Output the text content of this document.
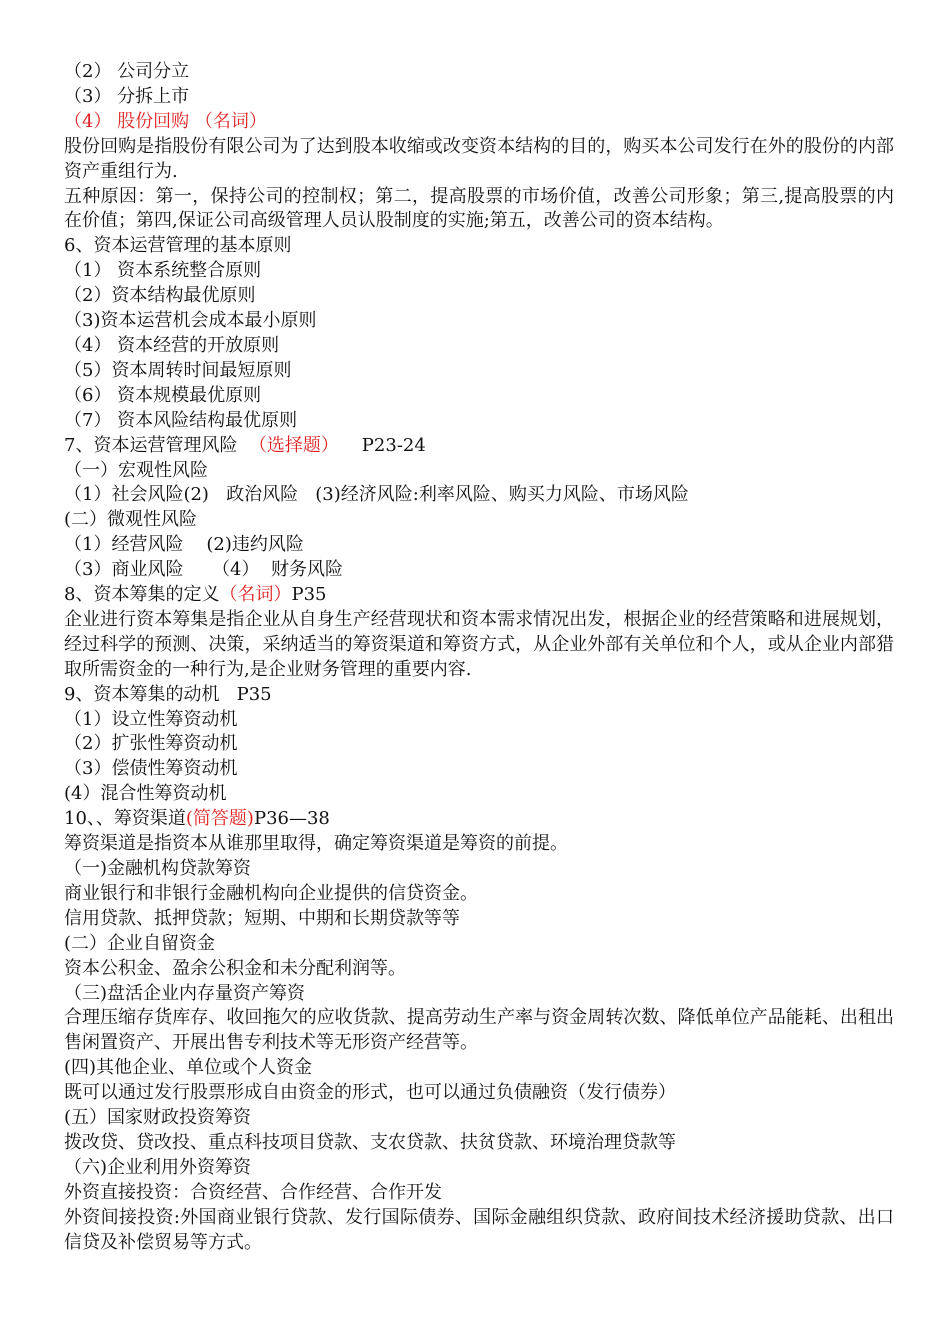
（2） 公司分立
（3） 分拆上市
（4） 股份回购 （名词）
股份回购是指股份有限公司为了达到股本收缩或改变资本结构的目的，购买本公司发行在外的股份的内部资产重组行为.
五种原因：第一，保持公司的控制权；第二，提高股票的市场价值，改善公司形象；第三,提高股票的内在价值；第四,保证公司高级管理人员认股制度的实施;第五，改善公司的资本结构。
6、资本运营管理的基本原则
（1） 资本系统整合原则
（2）资本结构最优原则
（3)资本运营机会成本最小原则
（4） 资本经营的开放原则
（5）资本周转时间最短原则
（6） 资本规模最优原则
（7） 资本风险结构最优原则
7、资本运营管理风险 （选择题） P23-24
（一）宏观性风险
（1）社会风险(2)   政治风险   (3)经济风险:利率风险、购买力风险、市场风险
(二）微观性风险
（1）经营风险    (2)违约风险
（3）商业风险     （4）  财务风险
8、资本筹集的定义（名词）P35
企业进行资本筹集是指企业从自身生产经营现状和资本需求情况出发，根据企业的经营策略和进展规划，经过科学的预测、决策，采纳适当的筹资渠道和筹资方式，从企业外部有关单位和个人，或从企业内部猎取所需资金的一种行为,是企业财务管理的重要内容.
9、资本筹集的动机   P35
（1）设立性筹资动机
（2）扩张性筹资动机
（3）偿债性筹资动机
(4）混合性筹资动机
10、、筹资渠道(简答题)P36—38
筹资渠道是指资本从谁那里取得，确定筹资渠道是筹资的前提。
（一)金融机构贷款筹资
商业银行和非银行金融机构向企业提供的信贷资金。
信用贷款、抵押贷款；短期、中期和长期贷款等等
(二）企业自留资金
资本公积金、盈余公积金和未分配利润等。
（三)盘活企业内存量资产筹资
合理压缩存货库存、收回拖欠的应收货款、提高劳动生产率与资金周转次数、降低单位产品能耗、出租出售闲置资产、开展出售专利技术等无形资产经营等。
(四)其他企业、单位或个人资金
既可以通过发行股票形成自由资金的形式，也可以通过负债融资（发行债券）
(五）国家财政投资筹资
拨改贷、贷改投、重点科技项目贷款、支农贷款、扶贫贷款、环境治理贷款等
（六)企业利用外资筹资
外资直接投资：合资经营、合作经营、合作开发
外资间接投资:外国商业银行贷款、发行国际债券、国际金融组织贷款、政府间技术经济援助贷款、出口信贷及补偿贸易等方式。
